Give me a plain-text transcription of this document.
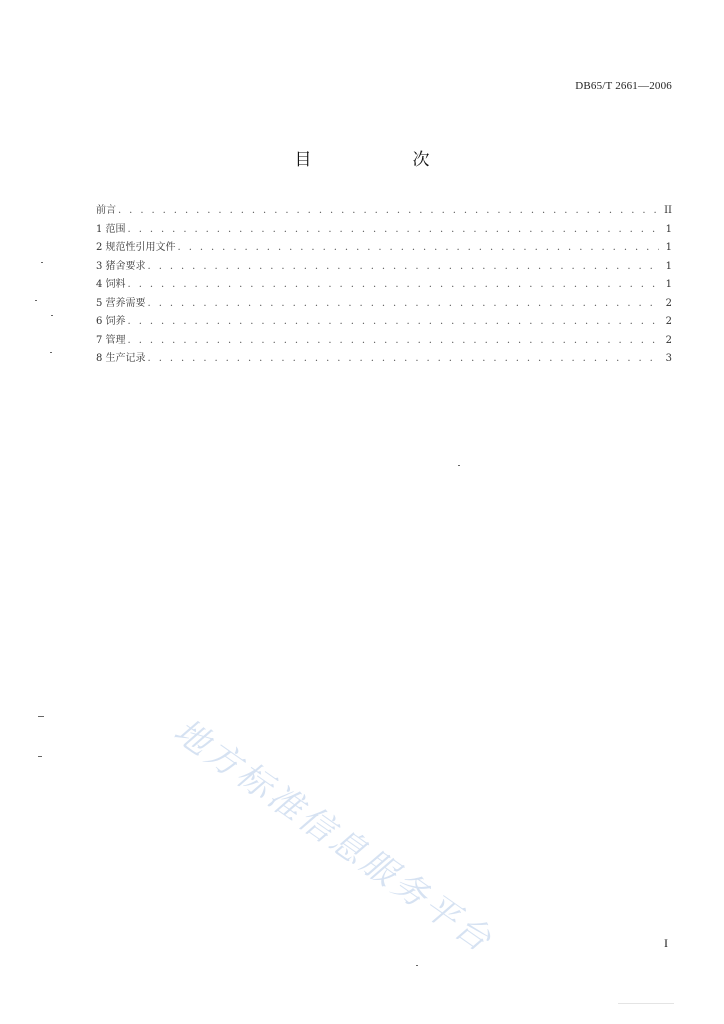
DB65/T 2661—2006
目　次
前言 . . .	II
1 范围 . . .	1
2 规范性引用文件 . . .	1
3 猪舍要求 . . .	1
4 饲料 . . .	1
5 营养需要 . . .	2
6 饲养 . . .	2
7 管理 . . .	2
8 生产记录 . . .	3
地方标准信息服务平台	I
